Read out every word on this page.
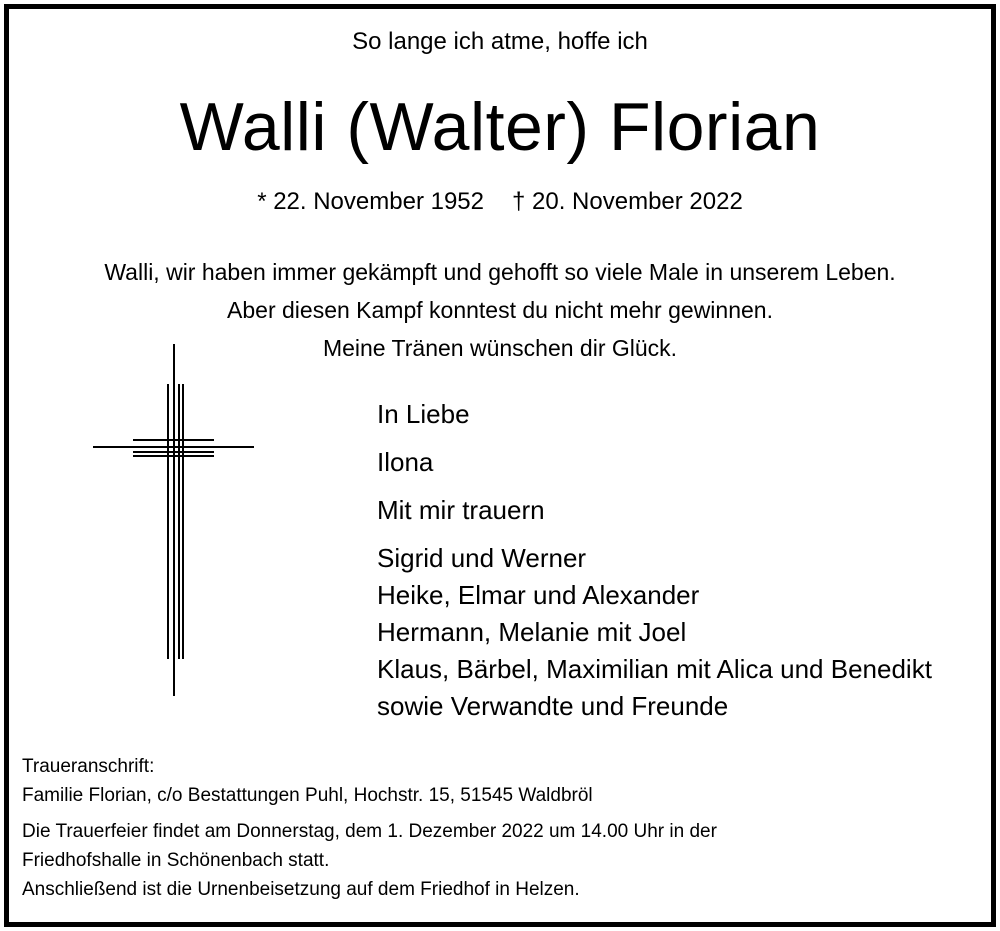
So lange ich atme, hoffe ich
Walli (Walter) Florian
* 22. November 1952 † 20. November 2022
Walli, wir haben immer gekämpft und gehofft so viele Male in unserem Leben.
Aber diesen Kampf konntest du nicht mehr gewinnen.
Meine Tränen wünschen dir Glück.
In Liebe
Ilona
Mit mir trauern
Sigrid und Werner
Heike, Elmar und Alexander
Hermann, Melanie mit Joel
Klaus, Bärbel, Maximilian mit Alica und Benedikt
sowie Verwandte und Freunde
Traueranschrift:
Familie Florian, c/o Bestattungen Puhl, Hochstr. 15, 51545 Waldbröl
Die Trauerfeier findet am Donnerstag, dem 1. Dezember 2022 um 14.00 Uhr in der
Friedhofshalle in Schönenbach statt.
Anschließend ist die Urnenbeisetzung auf dem Friedhof in Helzen.
